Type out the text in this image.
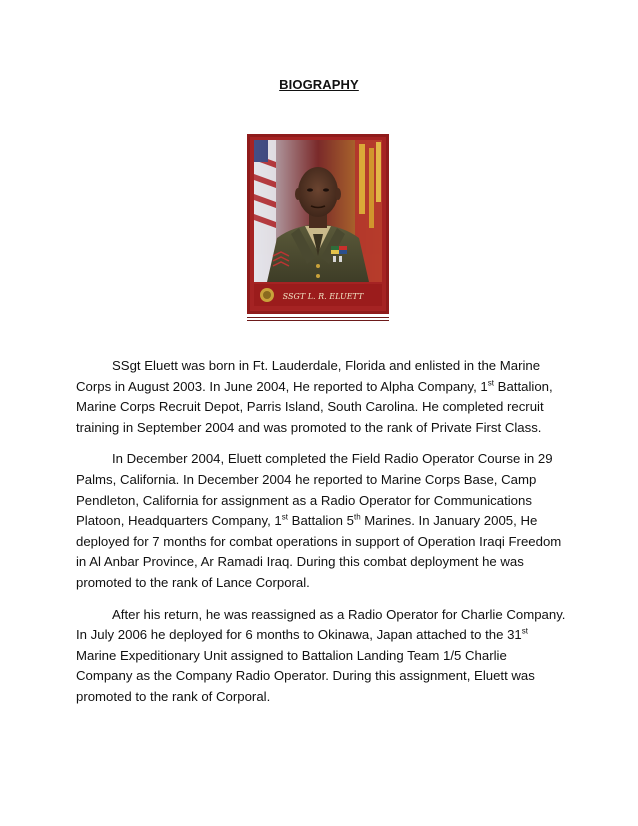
BIOGRAPHY
SSGT L. R. ELUETT

SSgt Eluett was born in Ft. Lauderdale, Florida and enlisted in the Marine Corps in August 2003. In June 2004, He reported to Alpha Company, 1st Battalion, Marine Corps Recruit Depot, Parris Island, South Carolina. He completed recruit training in September 2004 and was promoted to the rank of Private First Class.

In December 2004, Eluett completed the Field Radio Operator Course in 29 Palms, California. In December 2004 he reported to Marine Corps Base, Camp Pendleton, California for assignment as a Radio Operator for Communications Platoon, Headquarters Company, 1st Battalion 5th Marines. In January 2005, He deployed for 7 months for combat operations in support of Operation Iraqi Freedom in Al Anbar Province, Ar Ramadi Iraq. During this combat deployment he was promoted to the rank of Lance Corporal.

After his return, he was reassigned as a Radio Operator for Charlie Company. In July 2006 he deployed for 6 months to Okinawa, Japan attached to the 31st Marine Expeditionary Unit assigned to Battalion Landing Team 1/5 Charlie Company as the Company Radio Operator. During this assignment, Eluett was promoted to the rank of Corporal.
